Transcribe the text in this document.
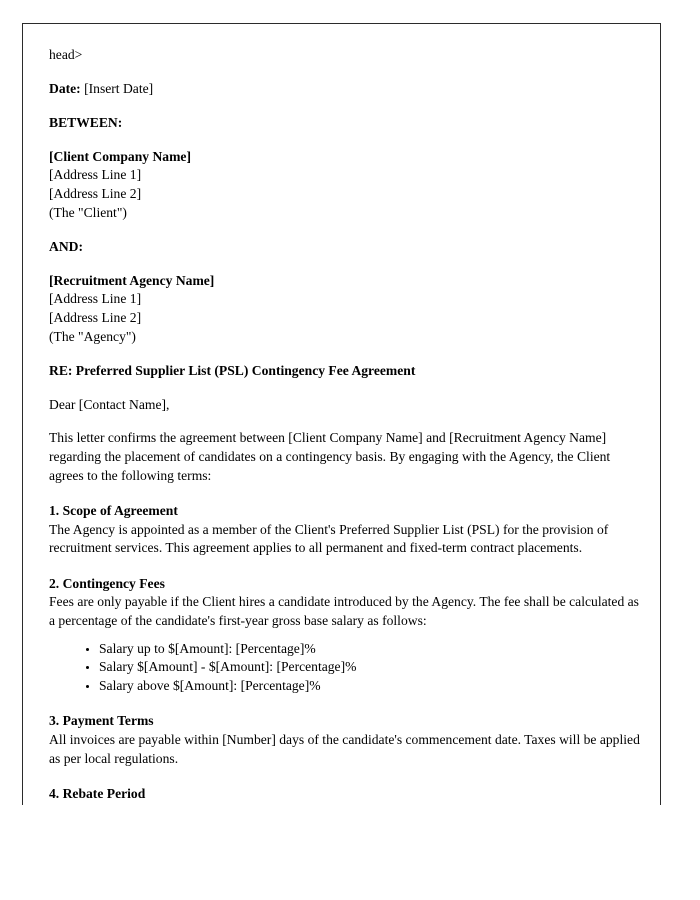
head>

Date: [Insert Date]

BETWEEN:

[Client Company Name]
[Address Line 1]
[Address Line 2]
(The "Client")

AND:

[Recruitment Agency Name]
[Address Line 1]
[Address Line 2]
(The "Agency")

RE: Preferred Supplier List (PSL) Contingency Fee Agreement

Dear [Contact Name],

This letter confirms the agreement between [Client Company Name] and [Recruitment Agency Name] regarding the placement of candidates on a contingency basis. By engaging with the Agency, the Client agrees to the following terms:

1. Scope of Agreement

The Agency is appointed as a member of the Client's Preferred Supplier List (PSL) for the provision of recruitment services. This agreement applies to all permanent and fixed-term contract placements.

2. Contingency Fees

Fees are only payable if the Client hires a candidate introduced by the Agency. The fee shall be calculated as a percentage of the candidate's first-year gross base salary as follows:

• Salary up to $[Amount]: [Percentage]%
• Salary $[Amount] - $[Amount]: [Percentage]%
• Salary above $[Amount]: [Percentage]%

3. Payment Terms

All invoices are payable within [Number] days of the candidate's commencement date. Taxes will be applied as per local regulations.

4. Rebate Period
